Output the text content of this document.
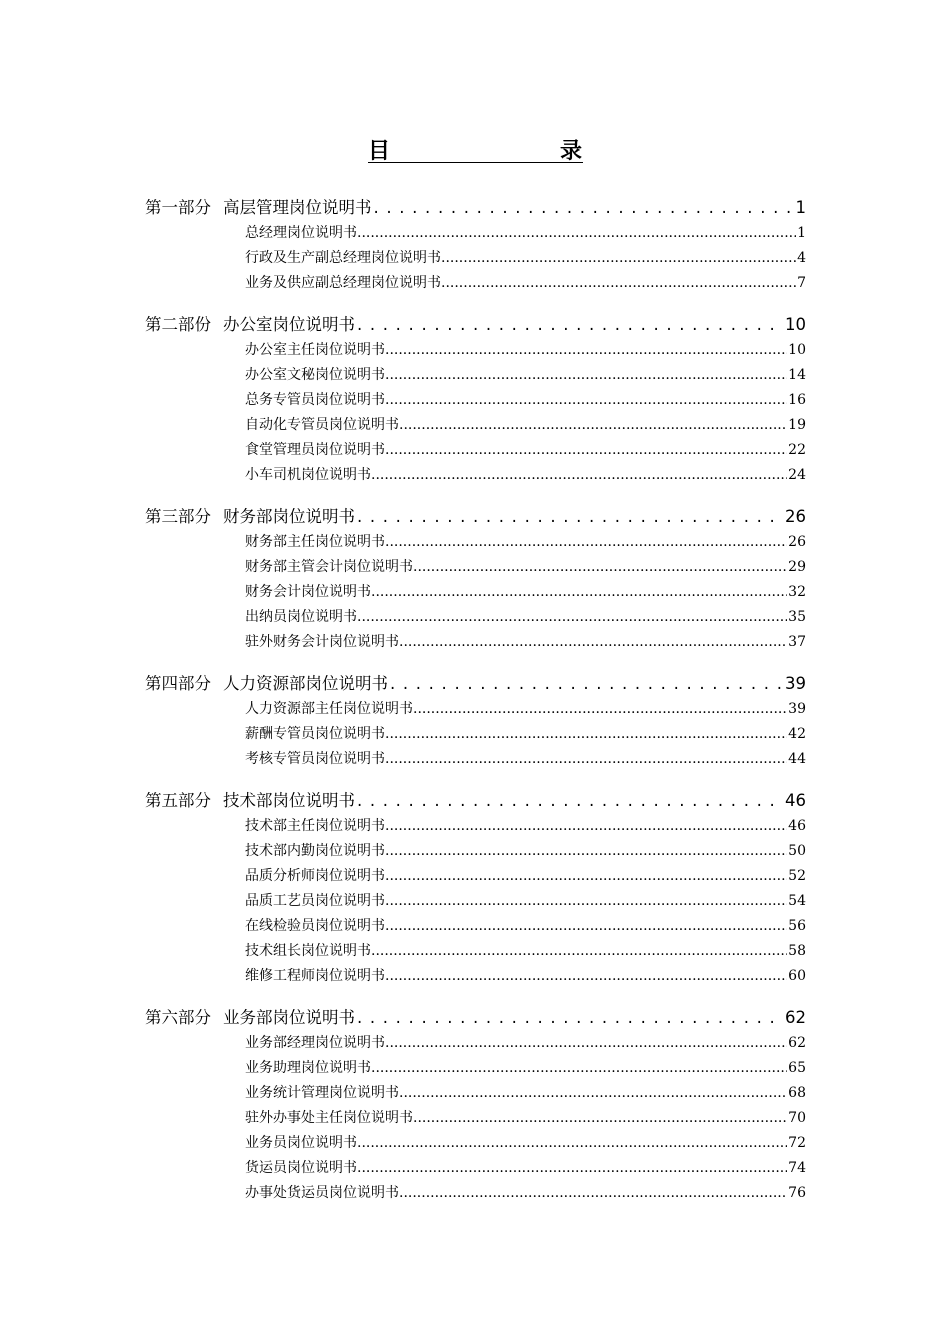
目	录
第一部分 高层管理岗位说明书 . . .	1
总经理岗位说明书 .....	1
行政及生产副总经理岗位说明书 .....	4
业务及供应副总经理岗位说明书 .....	7
第二部份 办公室岗位说明书 . . .	10
办公室主任岗位说明书 .....	10
办公室文秘岗位说明书 .....	14
总务专管员岗位说明书 .....	16
自动化专管员岗位说明书 .....	19
食堂管理员岗位说明书 .....	22
小车司机岗位说明书 .....	24
第三部分 财务部岗位说明书 . . .	26
财务部主任岗位说明书 .....	26
财务部主管会计岗位说明书 .....	29
财务会计岗位说明书 .....	32
出纳员岗位说明书 .....	35
驻外财务会计岗位说明书 .....	37
第四部分 人力资源部岗位说明书 . . .	39
人力资源部主任岗位说明书 .....	39
薪酬专管员岗位说明书 .....	42
考核专管员岗位说明书 .....	44
第五部分 技术部岗位说明书 . . .	46
技术部主任岗位说明书 .....	46
技术部内勤岗位说明书 .....	50
品质分析师岗位说明书 .....	52
品质工艺员岗位说明书 .....	54
在线检验员岗位说明书 .....	56
技术组长岗位说明书 .....	58
维修工程师岗位说明书 .....	60
第六部分 业务部岗位说明书 . . .	62
业务部经理岗位说明书 .....	62
业务助理岗位说明书 .....	65
业务统计管理岗位说明书 .....	68
驻外办事处主任岗位说明书 .....	70
业务员岗位说明书 .....	72
货运员岗位说明书 .....	74
办事处货运员岗位说明书 .....	76
